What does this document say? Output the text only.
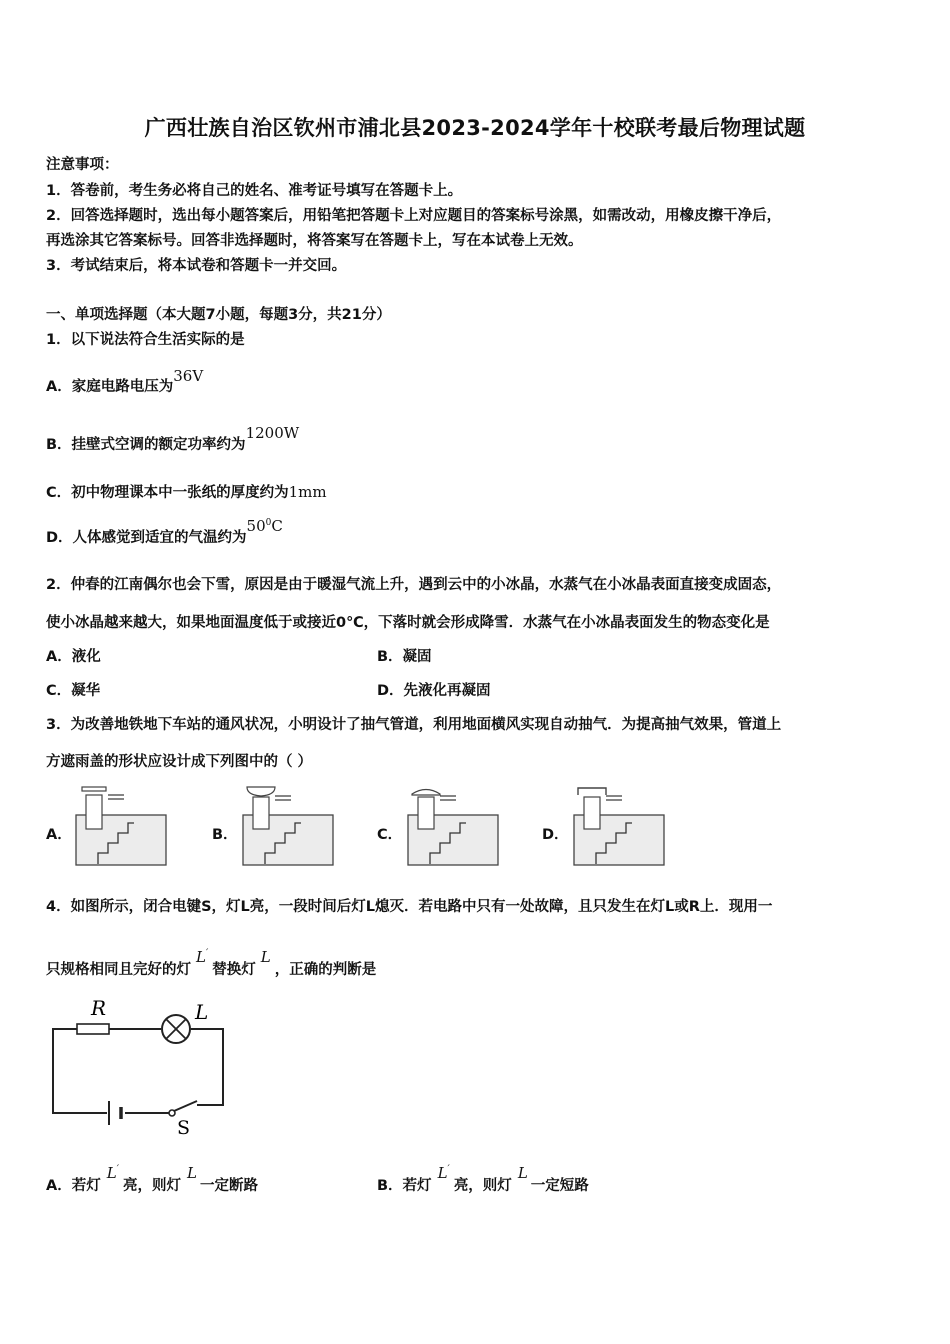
广西壮族自治区钦州市浦北县2023-2024学年十校联考最后物理试题
注意事项：
1．答卷前，考生务必将自己的姓名、准考证号填写在答题卡上。
2．回答选择题时，选出每小题答案后，用铅笔把答题卡上对应题目的答案标号涂黑，如需改动，用橡皮擦干净后，
再选涂其它答案标号。回答非选择题时，将答案写在答题卡上，写在本试卷上无效。
3．考试结束后，将本试卷和答题卡一并交回。
一、单项选择题（本大题7小题，每题3分，共21分）
1．以下说法符合生活实际的是
A．家庭电路电压为36V
B．挂壁式空调的额定功率约为1200W
C．初中物理课本中一张纸的厚度约为1mm
D．人体感觉到适宜的气温约为$50^0C$
2．仲春的江南偶尔也会下雪，原因是由于暖湿气流上升，遇到云中的小冰晶，水蒸气在小冰晶表面直接变成固态，
使小冰晶越来越大，如果地面温度低于或接近0℃，下落时就会形成降雪．水蒸气在小冰晶表面发生的物态变化是
A．液化	B．凝固
C．凝华	D．先液化再凝固
3．为改善地铁地下车站的通风状况，小明设计了抽气管道，利用地面横风实现自动抽气．为提高抽气效果，管道上
方遮雨盖的形状应设计成下列图中的（ ）
A．	B．	C．	D．
4．如图所示，闭合电键S，灯L亮，一段时间后灯L熄灭．若电路中只有一处故障，且只发生在灯L或R上．现用一
只规格相同且完好的灯L′替换灯L，正确的判断是
R	L
S
A．若灯L′亮，则灯L一定断路	B．若灯L′亮，则灯L一定短路
